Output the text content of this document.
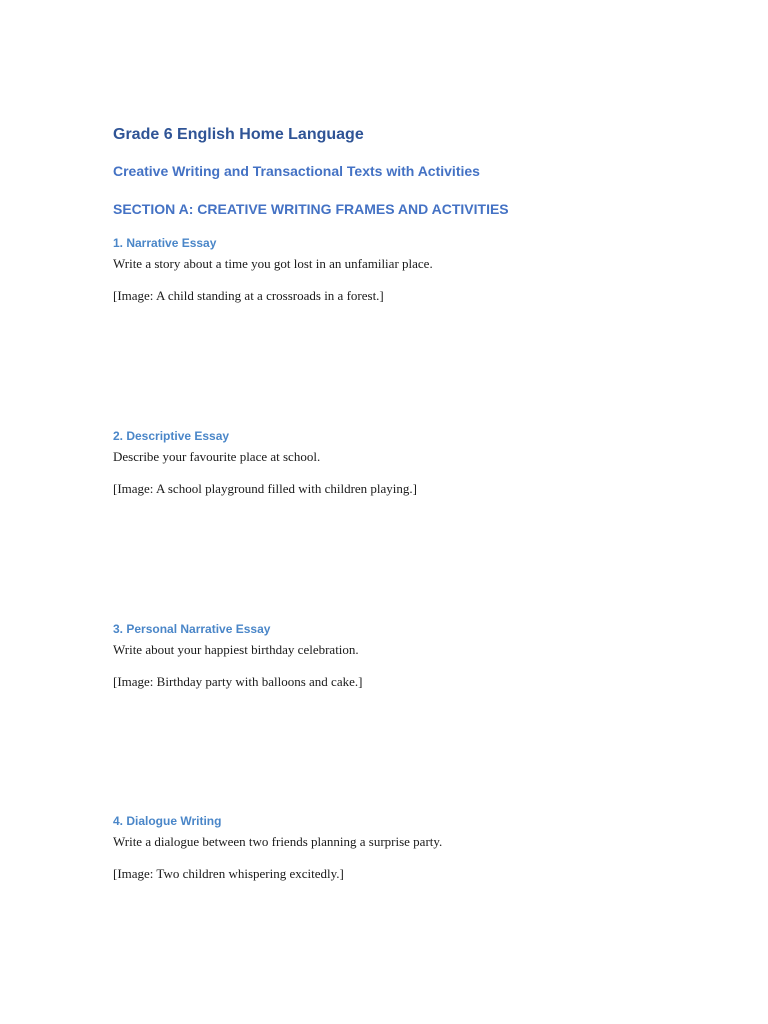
Grade 6 English Home Language
Creative Writing and Transactional Texts with Activities
SECTION A: CREATIVE WRITING FRAMES AND ACTIVITIES
1. Narrative Essay
Write a story about a time you got lost in an unfamiliar place.
[Image: A child standing at a crossroads in a forest.]
2. Descriptive Essay
Describe your favourite place at school.
[Image: A school playground filled with children playing.]
3. Personal Narrative Essay
Write about your happiest birthday celebration.
[Image: Birthday party with balloons and cake.]
4. Dialogue Writing
Write a dialogue between two friends planning a surprise party.
[Image: Two children whispering excitedly.]
